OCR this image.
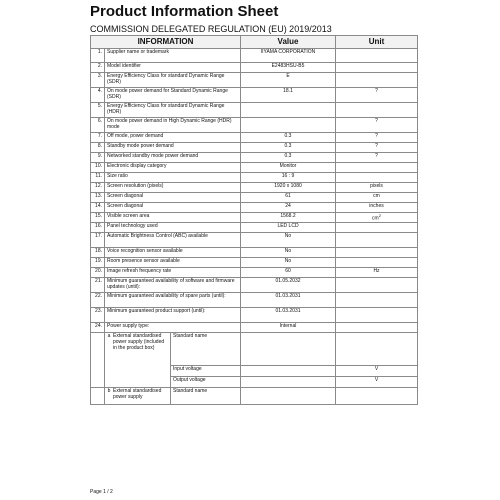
Product Information Sheet
COMMISSION DELEGATED REGULATION (EU) 2019/2013
INFORMATION			Value	Unit
1.	Supplier name or trademark		IIYAMA CORPORATION	
2.	Model identifier		E2483HSU-B5	
3.	Energy Efficiency Class for standard Dynamic Range (SDR)		E	
4.	On mode power demand for Standard Dynamic Range (SDR)		18.1	?
5.	Energy Efficiency Class for standard Dynamic Range (HDR)			
6.	On mode power demand in High Dynamic Range (HDR) mode			?
7.	Off mode, power demand		0.3	?
8.	Standby mode power demand		0.3	?
9.	Networked standby mode power demand		0.3	?
10.	Electronic display category		Monitor	
11.	Size ratio		16 : 9	
12.	Screen resolution (pixels)		1920 x 1080	pixels
13.	Screen diagonal		61	cm
14.	Screen diagonal		24	inches
15.	Visible screen area		1568.2	$cm^2$
16.	Panel technology used		LED LCD	
17.	Automatic Brightness Control (ABC) available		No	
18.	Voice recognition sensor available		No	
19.	Room presence sensor available		No	
20.	Image refresh frequency rate		60	Hz
21.	Minimum guaranteed availability of software and firmware updates (until):		01.05.2032	
22.	Minimum guaranteed availability of spare parts (until):		01.03.2031	
23.	Minimum guaranteed product support (until):		01.03.2031	
24.	Power supply type:		Internal	

	a External standardised power supply (included in the product box)	Standard name		
		Input voltage		V
		Output voltage		V

	b External standardised power supply	Standard name		
Page 1 / 2
